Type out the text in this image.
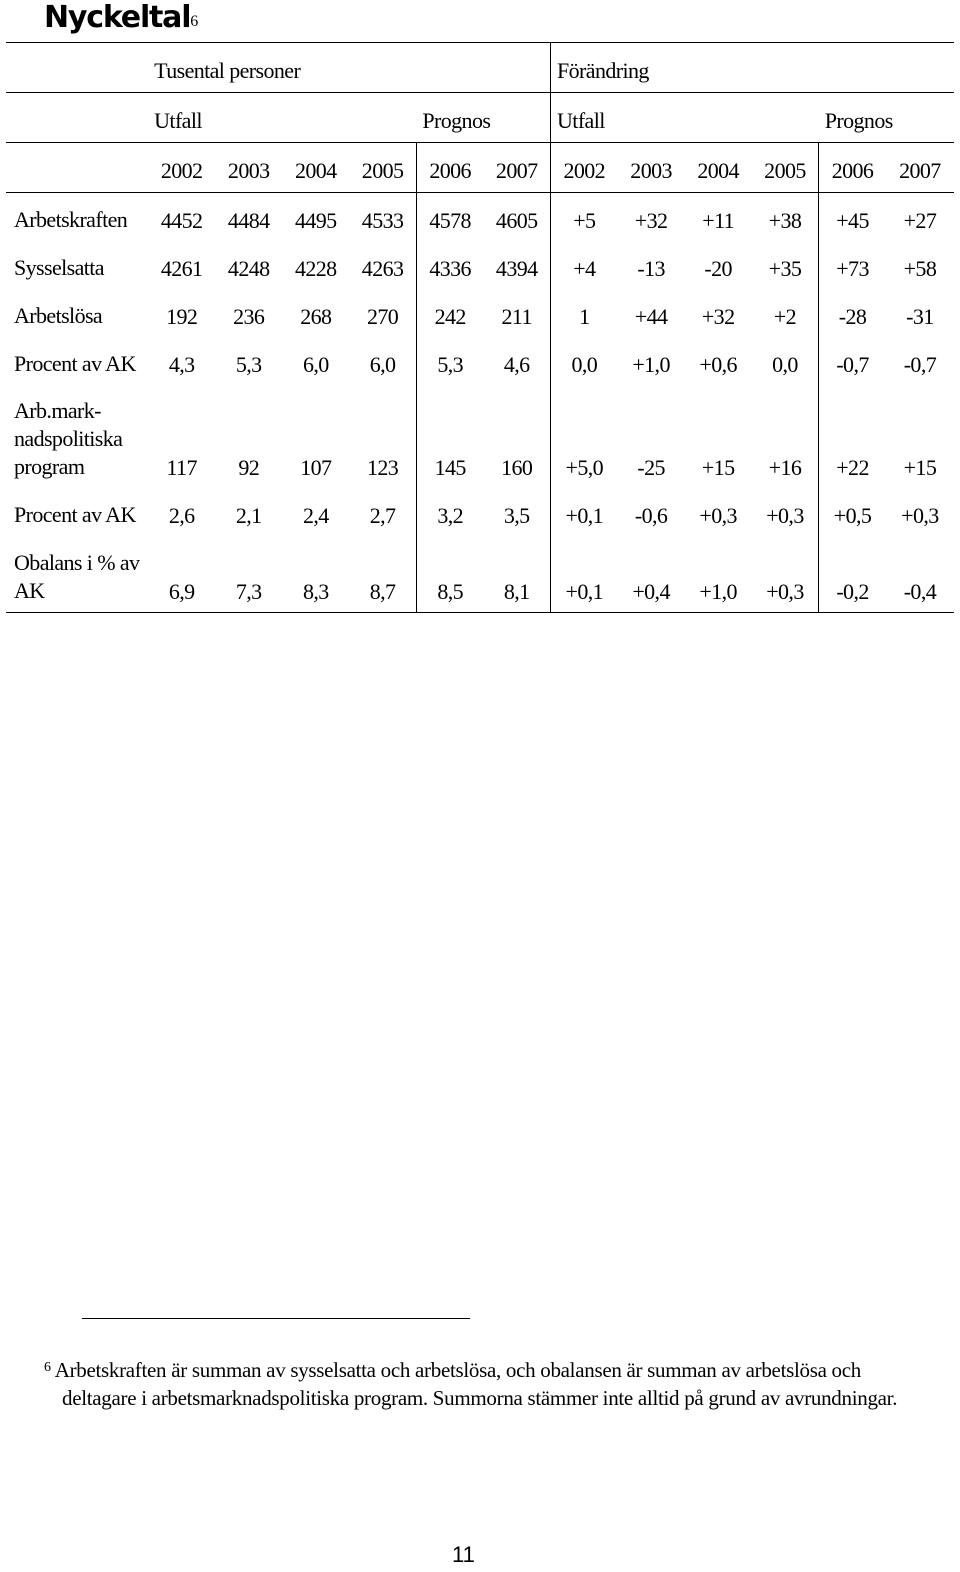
Nyckeltal$^6$
	Tusental personer						Förändring					
	Utfall				Prognos		Utfall				Prognos	
	2002	2003	2004	2005	2006	2007	2002	2003	2004	2005	2006	2007
Arbetskraften	4452	4484	4495	4533	4578	4605	+5	+32	+11	+38	+45	+27
Sysselsatta	4261	4248	4228	4263	4336	4394	+4	-13	-20	+35	+73	+58
Arbetslösa	192	236	268	270	242	211	1	+44	+32	+2	-28	-31
Procent av AK	4,3	5,3	6,0	6,0	5,3	4,6	0,0	+1,0	+0,6	0,0	-0,7	-0,7
Arb.mark-nadspolitiska program	117	92	107	123	145	160	+5,0	-25	+15	+16	+22	+15
Procent av AK	2,6	2,1	2,4	2,7	3,2	3,5	+0,1	-0,6	+0,3	+0,3	+0,5	+0,3
Obalans i % av AK	6,9	7,3	8,3	8,7	8,5	8,1	+0,1	+0,4	+1,0	+0,3	-0,2	-0,4
$^6$ Arbetskraften är summan av sysselsatta och arbetslösa, och obalansen är summan av arbetslösa och deltagare i arbetsmarknadspolitiska program. Summorna stämmer inte alltid på grund av avrundningar.
11
